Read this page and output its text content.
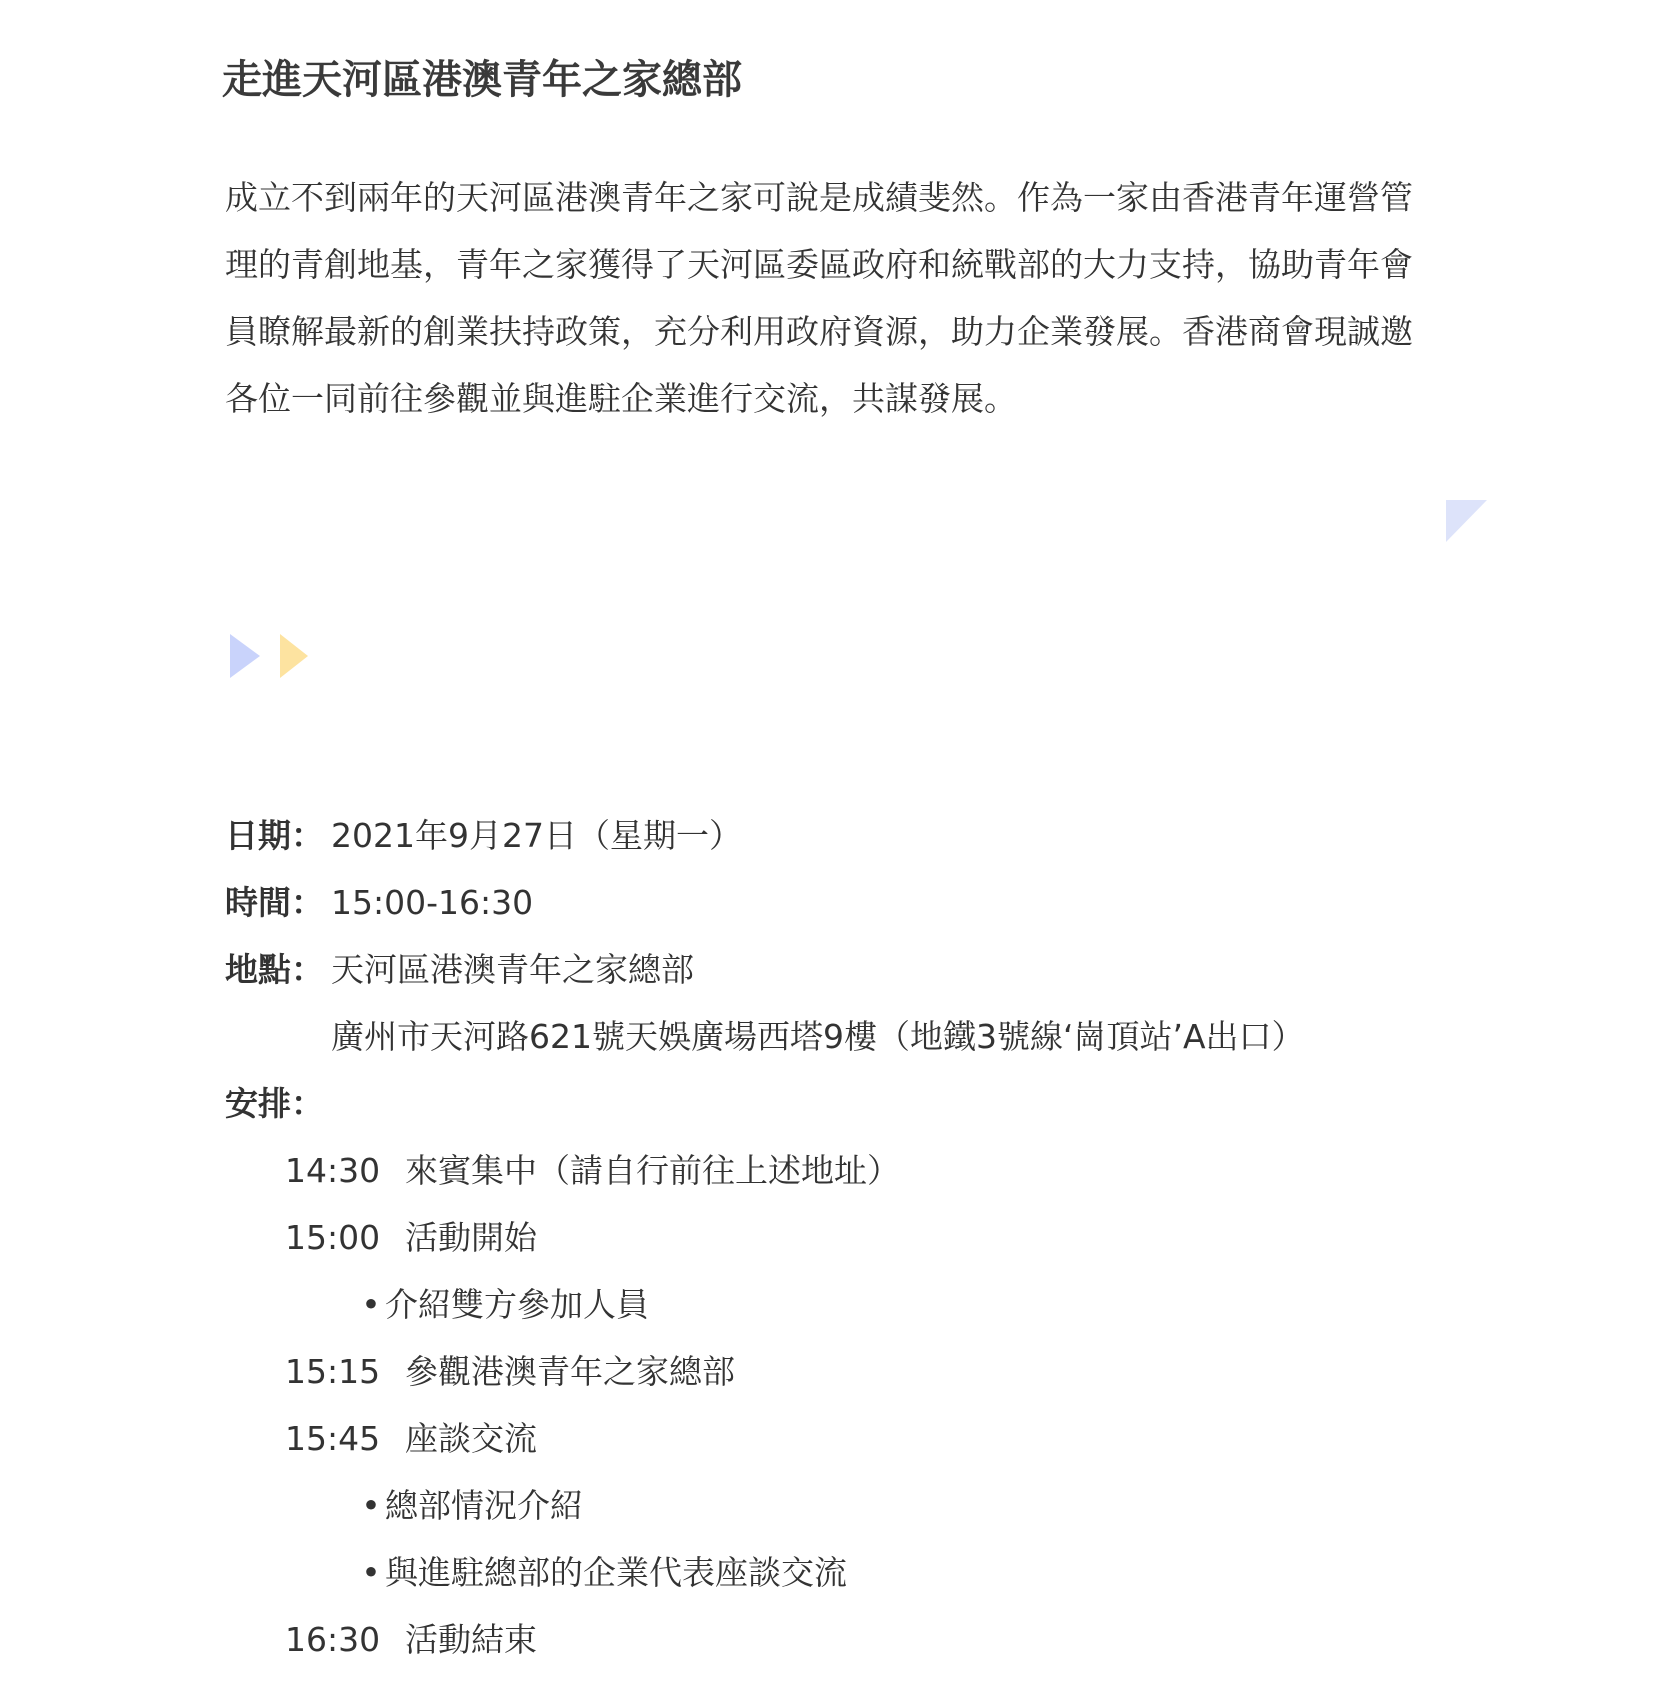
走進天河區港澳青年之家總部

成立不到兩年的天河區港澳青年之家可說是成績斐然。作為一家由香港青年運營管理的青創地基，青年之家獲得了天河區委區政府和統戰部的大力支持，協助青年會員瞭解最新的創業扶持政策，充分利用政府資源，助力企業發展。香港商會現誠邀各位一同前往參觀並與進駐企業進行交流，共謀發展。

日期： 2021年9月27日（星期一）
時間： 15:00-16:30
地點： 天河區港澳青年之家總部
廣州市天河路621號天娛廣場西塔9樓（地鐵3號線‘崗頂站’A出口）
安排：
14:30 來賓集中（請自行前往上述地址）
15:00 活動開始
• 介紹雙方參加人員
15:15 參觀港澳青年之家總部
15:45 座談交流
• 總部情況介紹
• 與進駐總部的企業代表座談交流
16:30 活動結束
